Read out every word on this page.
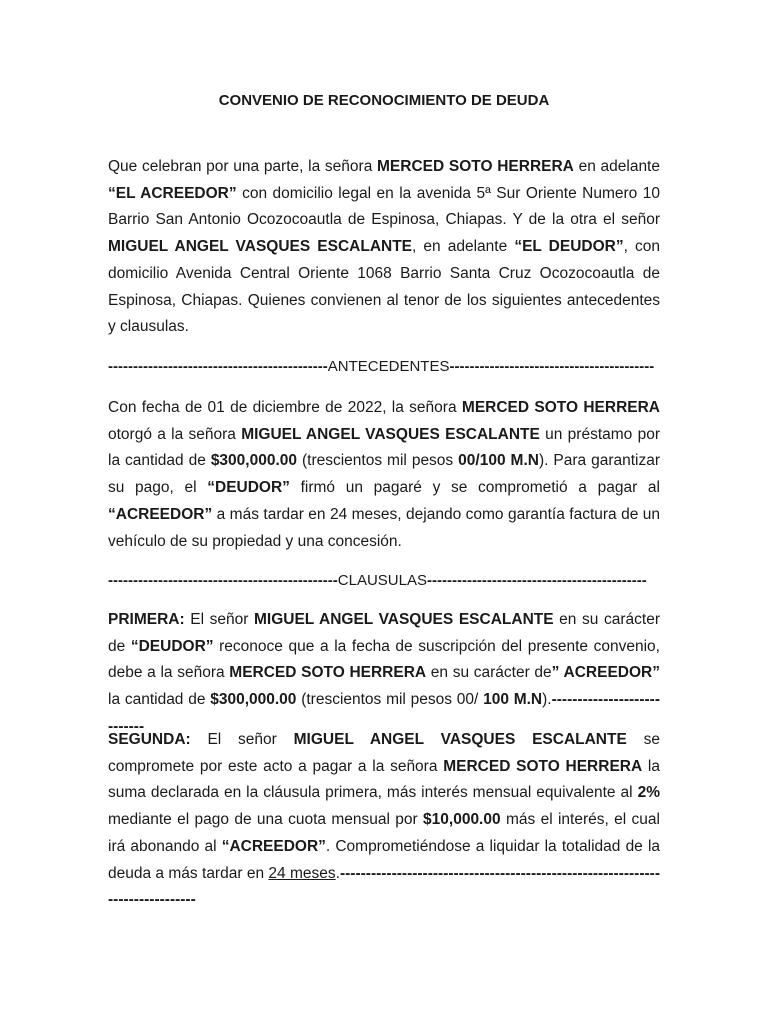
CONVENIO DE RECONOCIMIENTO DE DEUDA
Que celebran por una parte, la señora MERCED SOTO HERRERA en adelante “EL ACREEDOR” con domicilio legal en la avenida 5ª Sur Oriente Numero 10 Barrio San Antonio Ocozocoautla de Espinosa, Chiapas. Y de la otra el señor MIGUEL ANGEL VASQUES ESCALANTE, en adelante “EL DEUDOR”, con domicilio Avenida Central Oriente 1068 Barrio Santa Cruz Ocozocoautla de Espinosa, Chiapas. Quienes convienen al tenor de los siguientes antecedentes y clausulas.
--------------------------------------------ANTECEDENTES-----------------------------------------
Con fecha de 01 de diciembre de 2022, la señora MERCED SOTO HERRERA otorgó a la señora MIGUEL ANGEL VASQUES ESCALANTE un préstamo por la cantidad de $300,000.00 (trescientos mil pesos 00/100 M.N). Para garantizar su pago, el “DEUDOR” firmó un pagaré y se comprometió a pagar al “ACREEDOR” a más tardar en 24 meses, dejando como garantía factura de un vehículo de su propiedad y una concesión.
----------------------------------------------CLAUSULAS--------------------------------------------
PRIMERA: El señor MIGUEL ANGEL VASQUES ESCALANTE en su carácter de “DEUDOR” reconoce que a la fecha de suscripción del presente convenio, debe a la señora MERCED SOTO HERRERA en su carácter de” ACREEDOR” la cantidad de $300,000.00 (trescientos mil pesos 00/ 100 M.N).----------------------------
SEGUNDA: El señor MIGUEL ANGEL VASQUES ESCALANTE se compromete por este acto a pagar a la señora MERCED SOTO HERRERA la suma declarada en la cláusula primera, más interés mensual equivalente al 2% mediante el pago de una cuota mensual por $10,000.00 más el interés, el cual irá abonando al “ACREEDOR”. Comprometiéndose a liquidar la totalidad de la deuda a más tardar en 24 meses.-------------------------------------------------------------------------------
